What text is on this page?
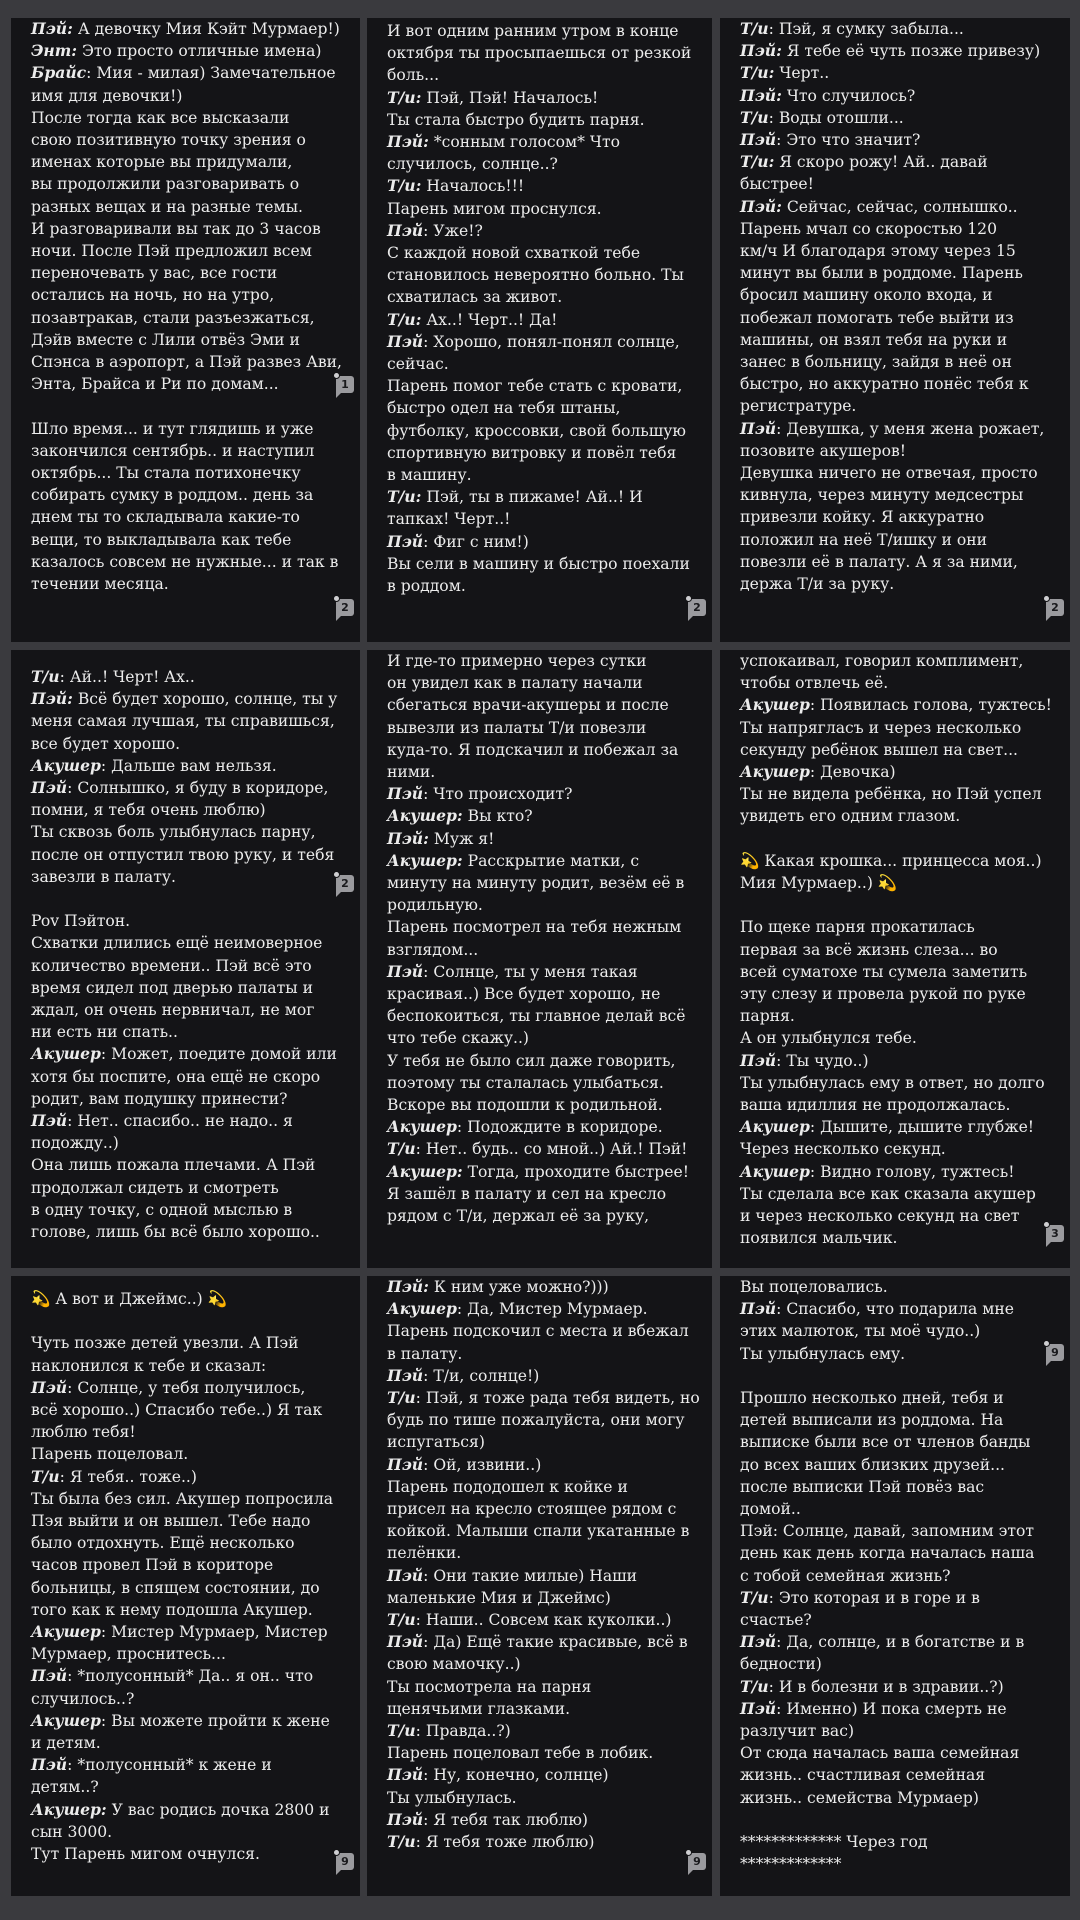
Пэй: А девочку Мия Кэйт Мурмаер!)
Энт: Это просто отличные имена)
Брайс: Мия - милая) Замечательное
имя для девочки!)
После тогда как все высказали
свою позитивную точку зрения о
именах которые вы придумали,
вы продолжили разговаривать о
разных вещах и на разные темы.
И разговаривали вы так до 3 часов
ночи. После Пэй предложил всем
переночевать у вас, все гости
остались на ночь, но на утро,
позавтракав, стали разъезжаться,
Дэйв вместе с Лили отвёз Эми и
Спэнса в аэропорт, а Пэй развез Ави,
Энта, Брайса и Ри по домам...
Шло время... и тут глядишь и уже
закончился сентябрь.. и наступил
октябрь... Ты стала потихонечку
собирать сумку в роддом.. день за
днем ты то складывала какие-то
вещи, то выкладывала как тебе
казалось совсем не нужные... и так в
течении месяца.
2
1
И вот одним ранним утром в конце
октября ты просыпаешься от резкой
боль...
Т/и: Пэй, Пэй! Началось!
Ты стала быстро будить парня.
Пэй: *сонным голосом* Что
случилось, солнце..?
Т/и: Началось!!!
Парень мигом проснулся.
Пэй: Уже!?
С каждой новой схваткой тебе
становилось невероятно больно. Ты
схватилась за живот.
Т/и: Ах..! Черт..! Да!
Пэй: Хорошо, понял-понял солнце,
сейчас.
Парень помог тебе стать с кровати,
быстро одел на тебя штаны,
футболку, кроссовки, свой большую
спортивную витровку и повёл тебя
в машину.
Т/и: Пэй, ты в пижаме! Ай..! И
тапках! Черт..!
Пэй: Фиг с ним!)
Вы сели в машину и быстро поехали
в роддом.
2
Т/и: Пэй, я сумку забыла...
Пэй: Я тебе её чуть позже привезу)
Т/и: Черт..
Пэй: Что случилось?
Т/и: Воды отошли...
Пэй: Это что значит?
Т/и: Я скоро рожу! Ай.. давай
быстрее!
Пэй: Сейчас, сейчас, солнышко..
Парень мчал со скоростью 120
км/ч И благодаря этому через 15
минут вы были в роддоме. Парень
бросил машину около входа, и
побежал помогать тебе выйти из
машины, он взял тебя на руки и
занес в больницу, зайдя в неё он
быстро, но аккуратно понёс тебя к
регистратуре.
Пэй: Девушка, у меня жена рожает,
позовите акушеров!
Девушка ничего не отвечая, просто
кивнула, через минуту медсестры
привезли койку. Я аккуратно
положил на неё Т/ишку и они
повезли её в палату. А я за ними,
держа Т/и за руку.
2
Т/и: Ай..! Черт! Ах..
Пэй: Всё будет хорошо, солнце, ты у
меня самая лучшая, ты справишься,
все будет хорошо.
Акушер: Дальше вам нельзя.
Пэй: Солнышко, я буду в коридоре,
помни, я тебя очень люблю)
Ты сквозь боль улыбнулась парну,
после он отпустил твою руку, и тебя
завезли в палату.
Pov Пэйтон.
Схватки длились ещё неимоверное
количество времени.. Пэй всё это
время сидел под дверью палаты и
ждал, он очень нервничал, не мог
ни есть ни спать..
Акушер: Может, поедите домой или
хотя бы поспите, она ещё не скоро
родит, вам подушку принести?
Пэй: Нет.. спасибо.. не надо.. я
подожду..)
Она лишь пожала плечами. А Пэй
продолжал сидеть и смотреть
в одну точку, с одной мыслью в
голове, лишь бы всё было хорошо..
2
И где-то примерно через сутки
он увидел как в палату начали
сбегаться врачи-акушеры и после
вывезли из палаты Т/и повезли
куда-то. Я подскачил и побежал за
ними.
Пэй: Что происходит?
Акушер: Вы кто?
Пэй: Муж я!
Акушер: Расскрытие матки, с
минуту на минуту родит, везём её в
родильную.
Парень посмотрел на тебя нежным
взглядом...
Пэй: Солнце, ты у меня такая
красивая..) Все будет хорошо, не
беспокоиться, ты главное делай всё
что тебе скажу..)
У тебя не было сил даже говорить,
поэтому ты сталалась улыбаться.
Вскоре вы подошли к родильной.
Акушер: Подождите в коридоре.
Т/и: Нет.. будь.. со мной..) Ай.! Пэй!
Акушер: Тогда, проходите быстрее!
Я зашёл в палату и сел на кресло
рядом с Т/и, держал её за руку,
успокаивал, говорил комплимент,
чтобы отвлечь её.
Акушер: Появилась голова, тужтесь!
Ты напрягласъ и через несколько
секунду ребёнок вышел на свет...
Акушер: Девочка)
Ты не видела ребёнка, но Пэй успел
увидеть его одним глазом.
💫 Какая крошка... принцесса моя..)
Мия Мурмаер..) 💫
По щеке парня прокатилась
первая за всё жизнь слеза... во
всей суматохе ты сумела заметить
эту слезу и провела рукой по руке
парня.
А он улыбнулся тебе.
Пэй: Ты чудо..)
Ты улыбнулась ему в ответ, но долго
ваша идиллия не продолжалась.
Акушер: Дышите, дышите глубже!
Через несколько секунд.
Акушер: Видно голову, тужтесь!
Ты сделала все как сказала акушер
и через несколько секунд на свет
появился мальчик.	3
💫 А вот и Джеймс..) 💫
Чуть позже детей увезли. А Пэй
наклонился к тебе и сказал:
Пэй: Солнце, у тебя получилось,
всё хорошо..) Спасибо тебе..) Я так
люблю тебя!
Парень поцеловал.
Т/и: Я тебя.. тоже..)
Ты была без сил. Акушер попросила
Пэя выйти и он вышел. Тебе надо
было отдохнуть. Ещё несколько
часов провел Пэй в кориторе
больницы, в спящем состоянии, до
того как к нему подошла Акушер.
Акушер: Мистер Мурмаер, Мистер
Мурмаер, проснитесь...
Пэй: *полусонный* Да.. я он.. что
случилось..?
Акушер: Вы можете пройти к жене
и детям.
Пэй: *полусонный* к жене и
детям..?
Акушер: У вас родись дочка 2800 и
сын 3000.
Тут Парень мигом очнулся.	9
Пэй: К ним уже можно?)))
Акушер: Да, Мистер Мурмаер.
Парень подскочил с места и вбежал
в палату.
Пэй: Т/и, солнце!)
Т/и: Пэй, я тоже рада тебя видеть, но
будь по тише пожалуйста, они могу
испугаться)
Пэй: Ой, извини..)
Парень пододошел к койке и
присел на кресло стоящее рядом с
койкой. Малыши спали укатанные в
пелёнки.
Пэй: Они такие милые) Наши
маленькие Мия и Джеймс)
Т/и: Наши.. Совсем как куколки..)
Пэй: Да) Ещё такие красивые, всё в
свою мамочку..)
Ты посмотрела на парня
щенячьими глазками.
Т/и: Правда..?)
Парень поцеловал тебе в лобик.
Пэй: Ну, конечно, солнце)
Ты улыбнулась.
Пэй: Я тебя так люблю)
Т/и: Я тебя тоже люблю)
9
Вы поцеловались.
Пэй: Спасибо, что подарила мне
этих малюток, ты моё чудо..)
Ты улыбнулась ему.
Прошло несколько дней, тебя и
детей выписали из роддома. На
выписке были все от членов банды
до всех ваших близких друзей...
после выписки Пэй повёз вас
домой..
Пэй: Солнце, давай, запомним этот
день как день когда началась наша
с тобой семейная жизнь?
Т/и: Это которая и в горе и в
счастье?
Пэй: Да, солнце, и в богатстве и в
бедности)
Т/и: И в болезни и в здравии..?)
Пэй: Именно) И пока смерть не
разлучит вас)
От сюда началась ваша семейная
жизнь.. счастливая семейная
жизнь.. семейства Мурмаер)
************* Через год
*************
9
